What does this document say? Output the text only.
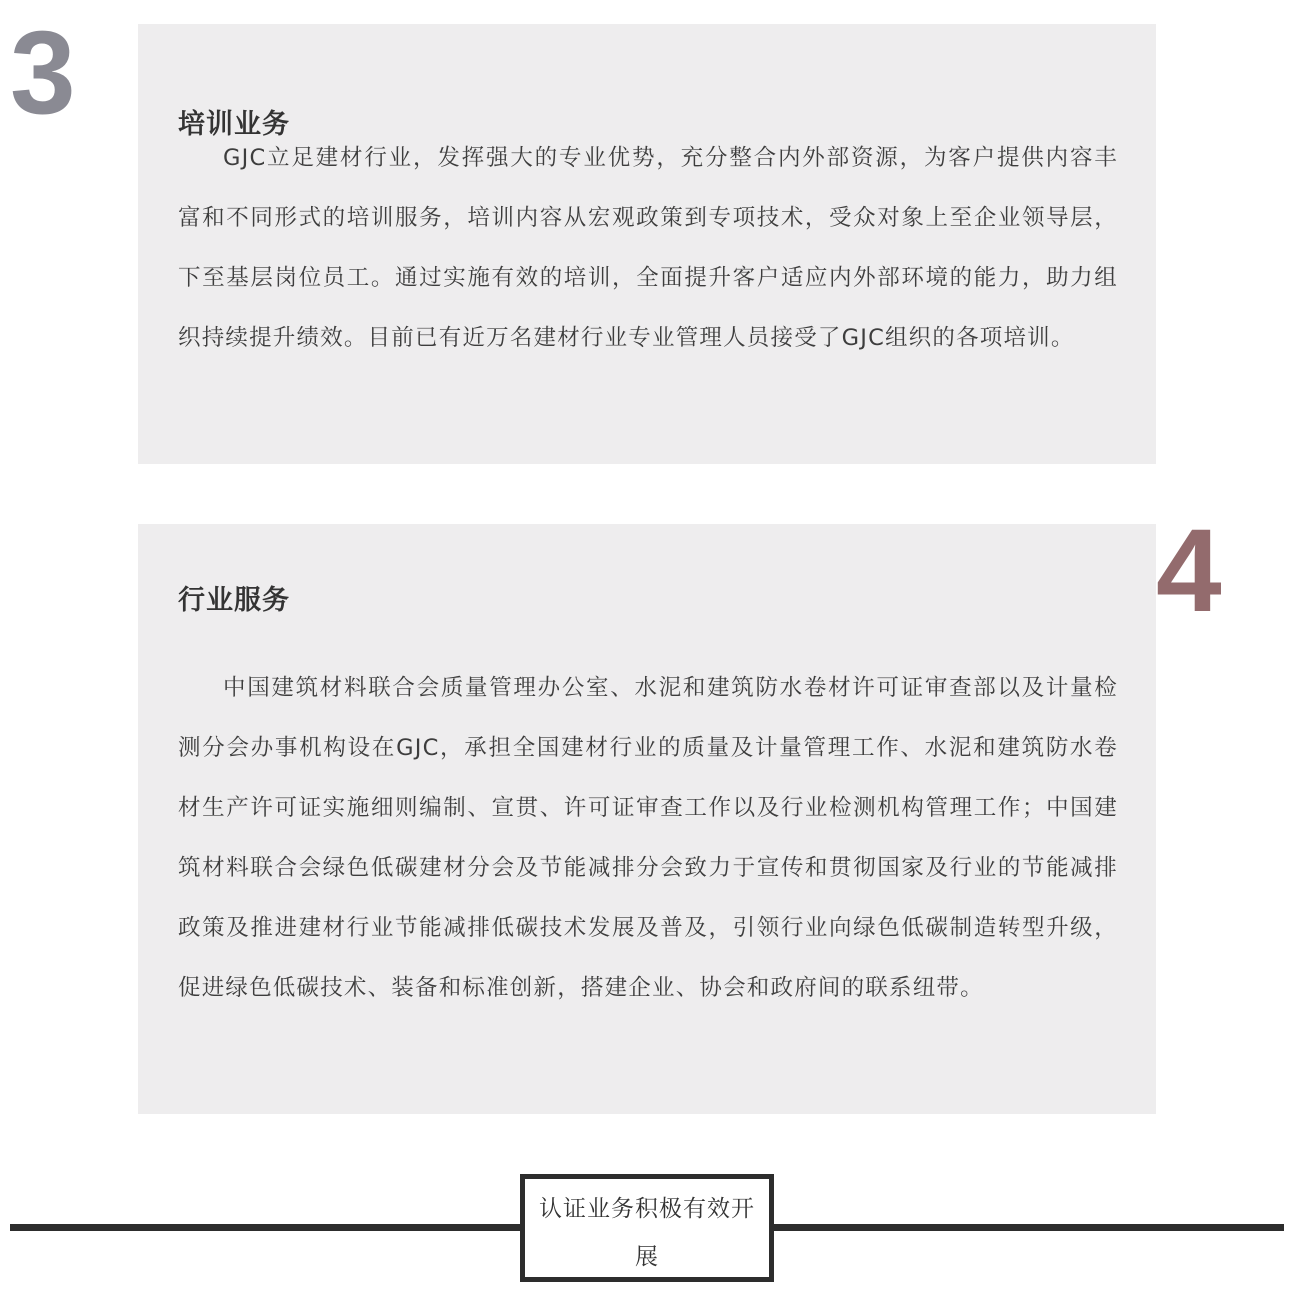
3	培训业务

GJC立足建材行业，发挥强大的专业优势，充分整合内外部资源，为客户提供内容丰富和不同形式的培训服务，培训内容从宏观政策到专项技术，受众对象上至企业领导层，下至基层岗位员工。通过实施有效的培训，全面提升客户适应内外部环境的能力，助力组织持续提升绩效。目前已有近万名建材行业专业管理人员接受了GJC组织的各项培训。

行业服务

中国建筑材料联合会质量管理办公室、水泥和建筑防水卷材许可证审查部以及计量检测分会办事机构设在GJC，承担全国建材行业的质量及计量管理工作、水泥和建筑防水卷材生产许可证实施细则编制、宣贯、许可证审查工作以及行业检测机构管理工作；中国建筑材料联合会绿色低碳建材分会及节能减排分会致力于宣传和贯彻国家及行业的节能减排政策及推进建材行业节能减排低碳技术发展及普及，引领行业向绿色低碳制造转型升级，促进绿色低碳技术、装备和标准创新，搭建企业、协会和政府间的联系纽带。

4
认证业务积极有效开展
